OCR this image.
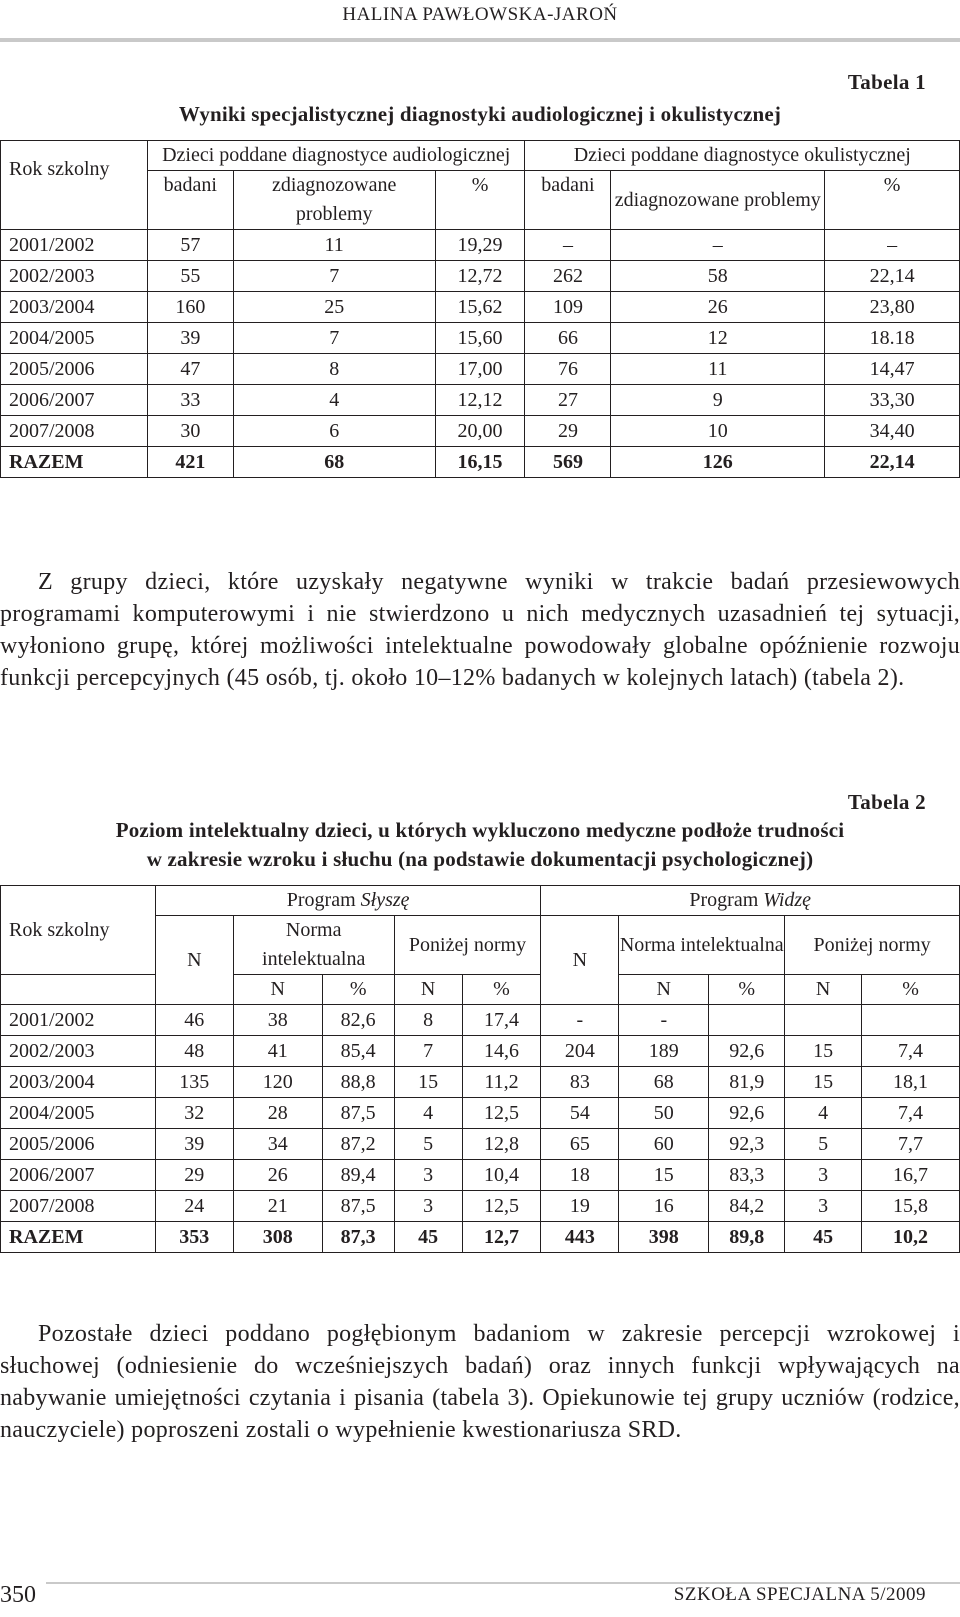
HALINA PAWŁOWSKA-JAROŃ
Tabela 1
Wyniki specjalistycznej diagnostyki audiologicznej i okulistycznej
Rok szkolny	Dzieci poddane diagnostyce audiologicznej			Dzieci poddane diagnostyce okulistycznej		
	badani	zdiagnozowane problemy	%	badani	zdiagnozowane problemy	%
2001/2002	57	11	19,29	–	–	–
2002/2003	55	7	12,72	262	58	22,14
2003/2004	160	25	15,62	109	26	23,80
2004/2005	39	7	15,60	66	12	18.18
2005/2006	47	8	17,00	76	11	14,47
2006/2007	33	4	12,12	27	9	33,30
2007/2008	30	6	20,00	29	10	34,40
RAZEM	421	68	16,15	569	126	22,14

Z grupy dzieci, które uzyskały negatywne wyniki w trakcie badań przesiewowych programami komputerowymi i nie stwierdzono u nich medycznych uzasadnień tej sytuacji, wyłoniono grupę, której możliwości intelektualne powodowały globalne opóźnienie rozwoju funkcji percepcyjnych (45 osób, tj. około 10–12% badanych w kolejnych latach) (tabela 2).

Tabela 2
Poziom intelektualny dzieci, u których wykluczono medyczne podłoże trudności
w zakresie wzroku i słuchu (na podstawie dokumentacji psychologicznej)
Rok szkolny	Program Słyszę					Program Widzę				
	N	Norma intelektualna		Poniżej normy		N	Norma intelektualna		Poniżej normy	
		N	%	N	%		N	%	N	%
2001/2002	46	38	82,6	8	17,4	-	-			
2002/2003	48	41	85,4	7	14,6	204	189	92,6	15	7,4
2003/2004	135	120	88,8	15	11,2	83	68	81,9	15	18,1
2004/2005	32	28	87,5	4	12,5	54	50	92,6	4	7,4
2005/2006	39	34	87,2	5	12,8	65	60	92,3	5	7,7
2006/2007	29	26	89,4	3	10,4	18	15	83,3	3	16,7
2007/2008	24	21	87,5	3	12,5	19	16	84,2	3	15,8
RAZEM	353	308	87,3	45	12,7	443	398	89,8	45	10,2

Pozostałe dzieci poddano pogłębionym badaniom w zakresie percepcji wzrokowej i słuchowej (odniesienie do wcześniejszych badań) oraz innych funkcji wpływających na nabywanie umiejętności czytania i pisania (tabela 3). Opiekunowie tej grupy uczniów (rodzice, nauczyciele) poproszeni zostali o wypełnienie kwestionariusza SRD.

350	SZKOŁA SPECJALNA 5/2009
